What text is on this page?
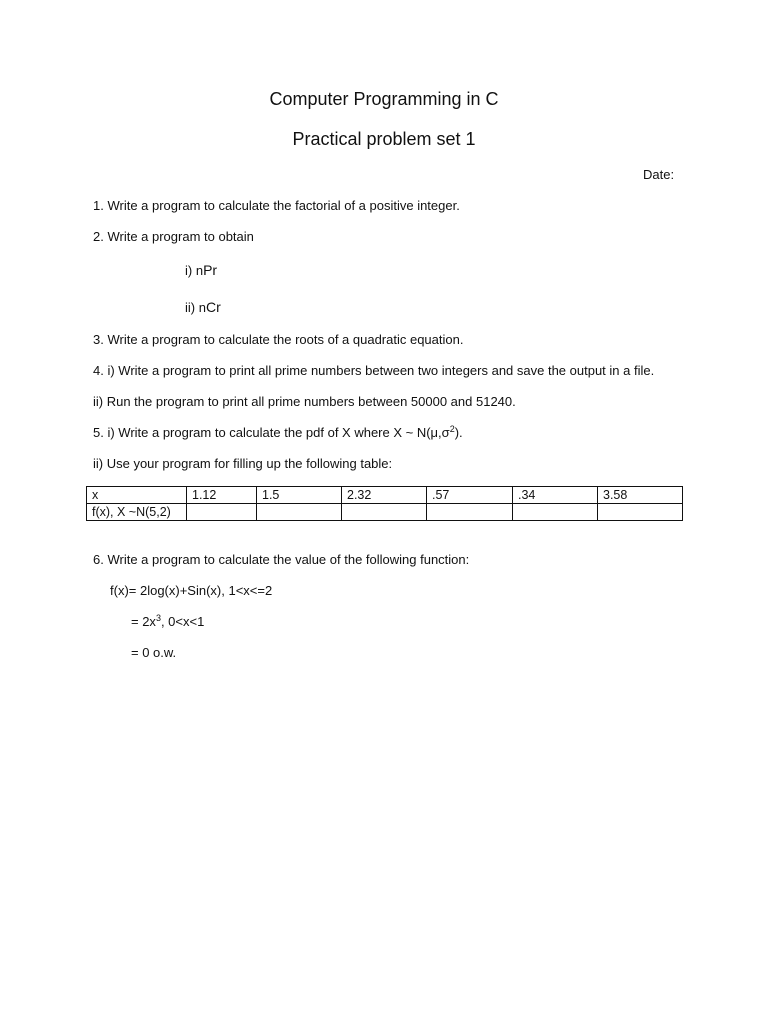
Computer Programming in C
Practical problem set 1
Date:
1. Write a program to calculate the factorial of a positive integer.
2. Write a program to obtain
i) nPr
ii) nCr
3. Write a program to calculate the roots of a quadratic equation.
4. i) Write a program to print all prime numbers between two integers and save the output in a file.
ii) Run the program to print all prime numbers between 50000 and 51240.
5. i) Write a program to calculate the pdf of X where X ~ $N(\mu,\sigma^2)$.
ii) Use your program for filling up the following table:
x	1.12	1.5	2.32	.57	.34	3.58
f(x), X ~N(5,2)						
6. Write a program to calculate the value of the following function:
f(x)= 2log(x)+Sin(x), 1<x<=2
= $2x^3$, 0<x<1
= 0 o.w.
